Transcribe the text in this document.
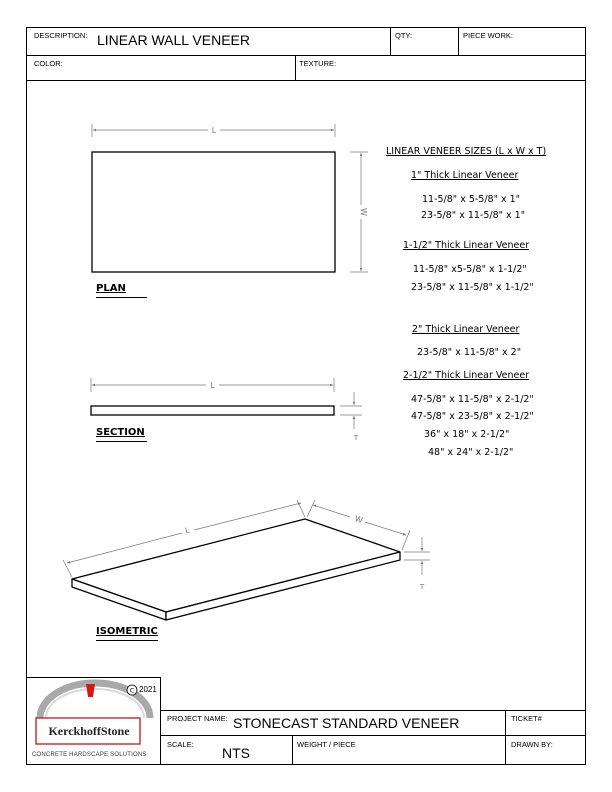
DESCRIPTION: LINEAR WALL VENEER	QTY:	PIECE WORK:
COLOR:	TEXTURE:
L
W
L
T
L
W
T
PLAN
SECTION
ISOMETRIC
LINEAR VENEER SIZES (L x W x T)
1" Thick Linear Veneer
11-5/8" x 5-5/8" x 1"
23-5/8" x 11-5/8" x 1"
1-1/2" Thick Linear Veneer
11-5/8" x5-5/8" x 1-1/2"
23-5/8" x 11-5/8" x 1-1/2"
2" Thick Linear Veneer
23-5/8" x 11-5/8" x 2"
2-1/2" Thick Linear Veneer
47-5/8" x 11-5/8" x 2-1/2"
47-5/8" x 23-5/8" x 2-1/2"
36" x 18" x 2-1/2"
48" x 24" x 2-1/2"
PROJECT NAME: STONECAST STANDARD VENEER	TICKET#
SCALE:
NTS
WEIGHT / PIECE	DRAWN BY:
C 2021
KerckhoffStone
CONCRETE HARDSCAPE SOLUTIONS
